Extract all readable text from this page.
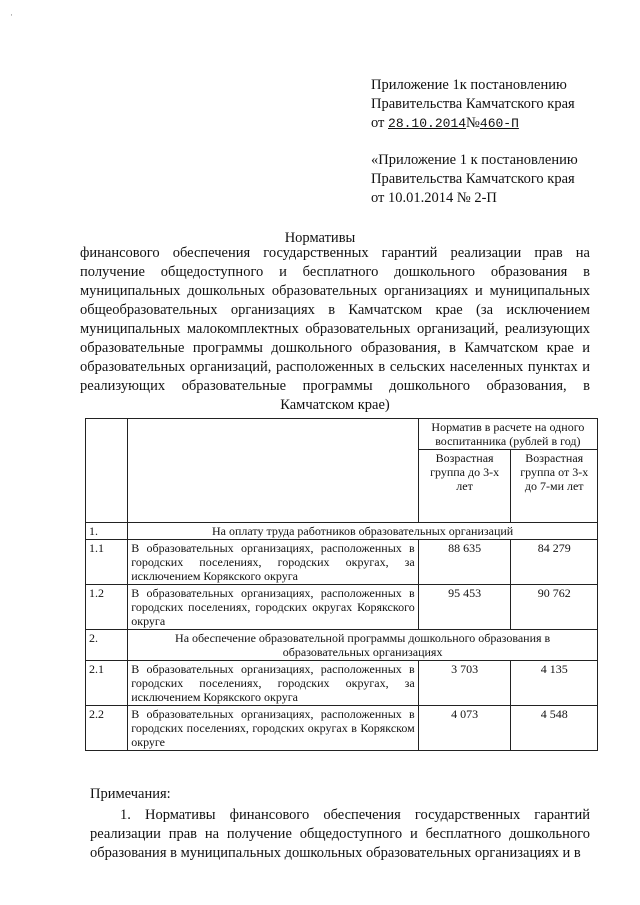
·
Приложение 1к постановлению
Правительства Камчатского края
от 28.10.2014№460-П
«Приложение 1 к постановлению
Правительства Камчатского края
от 10.01.2014 № 2-П
Нормативы
финансового обеспечения государственных гарантий реализации прав на получение общедоступного и бесплатного дошкольного образования в муниципальных дошкольных образовательных организациях и муниципальных общеобразовательных организациях в Камчатском крае (за исключением муниципальных малокомплектных образовательных организаций, реализующих образовательные программы дошкольного образования, в Камчатском крае и образовательных организаций, расположенных в сельских населенных пунктах и реализующих образовательные программы дошкольного образования, в Камчатском крае)
		Норматив в расчете на одного воспитанника (рублей в год)	
		Возрастная группа до 3-х лет	Возрастная группа от 3-х до 7-ми лет
1.	На оплату труда работников образовательных организаций		
1.1	В образовательных организациях, расположенных в городских поселениях, городских округах, за исключением Корякского округа	88 635	84 279
1.2	В образовательных организациях, расположенных в городских поселениях, городских округах Корякского округа	95 453	90 762
2.	На обеспечение образовательной программы дошкольного образования в образовательных организациях		
2.1	В образовательных организациях, расположенных в городских поселениях, городских округах, за исключением Корякского округа	3 703	4 135
2.2	В образовательных организациях, расположенных в городских поселениях, городских округах в Корякском округе	4 073	4 548
Примечания:
1. Нормативы финансового обеспечения государственных гарантий реализации прав на получение общедоступного и бесплатного дошкольного образования в муниципальных дошкольных образовательных организациях и в
